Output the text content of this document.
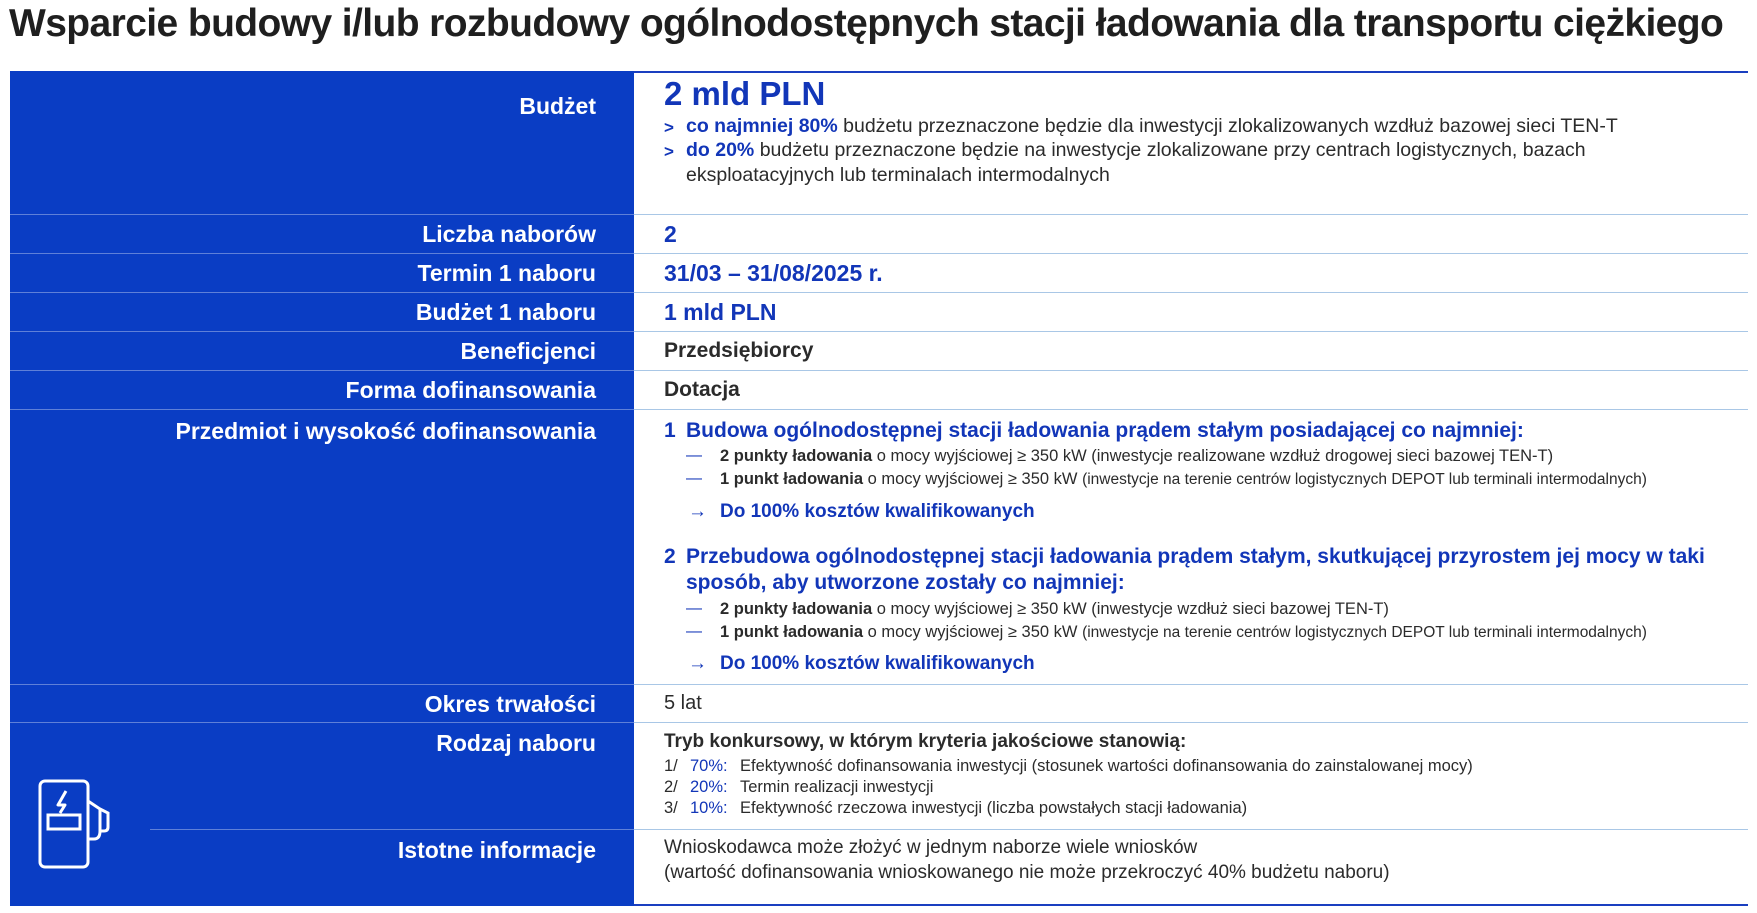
Wsparcie budowy i/lub rozbudowy ogólnodostępnych stacji ładowania dla transportu ciężkiego
Budżet
Liczba naborów
Termin 1 naboru
Budżet 1 naboru
Beneficjenci
Forma dofinansowania
Przedmiot i wysokość dofinansowania
Okres trwałości
Rodzaj naboru
Istotne informacje
2 mld PLN
> co najmniej 80% budżetu przeznaczone będzie dla inwestycji zlokalizowanych wzdłuż bazowej sieci TEN-T
> do 20% budżetu przeznaczone będzie na inwestycje zlokalizowane przy centrach logistycznych, bazach
eksploatacyjnych lub terminalach intermodalnych
2
31/03 – 31/08/2025 r.
1 mld PLN
Przedsiębiorcy
Dotacja
1 Budowa ogólnodostępnej stacji ładowania prądem stałym posiadającej co najmniej:
— 2 punkty ładowania o mocy wyjściowej ≥ 350 kW (inwestycje realizowane wzdłuż drogowej sieci bazowej TEN-T)
— 1 punkt ładowania o mocy wyjściowej ≥ 350 kW (inwestycje na terenie centrów logistycznych DEPOT lub terminali intermodalnych)
→ Do 100% kosztów kwalifikowanych
2 Przebudowa ogólnodostępnej stacji ładowania prądem stałym, skutkującej przyrostem jej mocy w taki
sposób, aby utworzone zostały co najmniej:
— 2 punkty ładowania o mocy wyjściowej ≥ 350 kW (inwestycje wzdłuż sieci bazowej TEN-T)
— 1 punkt ładowania o mocy wyjściowej ≥ 350 kW (inwestycje na terenie centrów logistycznych DEPOT lub terminali intermodalnych)
→ Do 100% kosztów kwalifikowanych
5 lat
Tryb konkursowy, w którym kryteria jakościowe stanowią:
1/ 70%: Efektywność dofinansowania inwestycji (stosunek wartości dofinansowania do zainstalowanej mocy)
2/ 20%: Termin realizacji inwestycji
3/ 10%: Efektywność rzeczowa inwestycji (liczba powstałych stacji ładowania)
Wnioskodawca może złożyć w jednym naborze wiele wniosków
(wartość dofinansowania wnioskowanego nie może przekroczyć 40% budżetu naboru)
